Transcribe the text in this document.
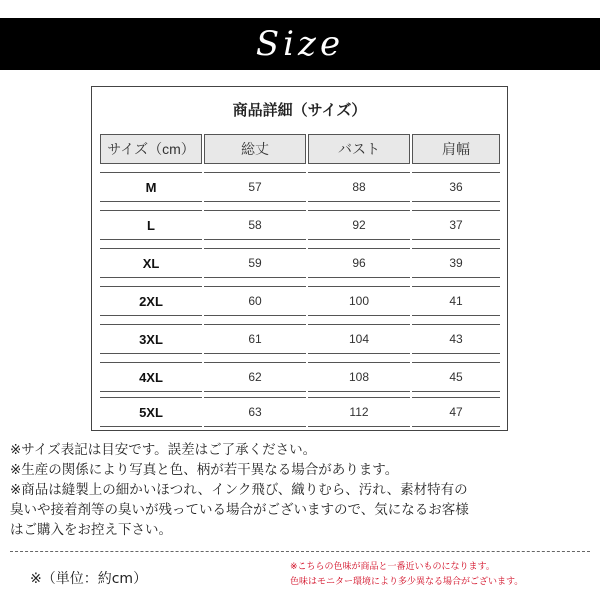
Size
商品詳細（サイズ）
サイズ（cm）	総丈	バスト	肩幅
M	57	88	36
L	58	92	37
XL	59	96	39
2XL	60	100	41
3XL	61	104	43
4XL	62	108	45
5XL	63	112	47

※サイズ表記は目安です。誤差はご了承ください。

※生産の関係により写真と色、柄が若干異なる場合があります。

※商品は縫製上の細かいほつれ、インク飛び、織りむら、汚れ、素材特有の

臭いや接着剤等の臭いが残っている場合がございますので、気になるお客様

はご購入をお控え下さい。

※（単位：約cm）

※こちらの色味が商品と一番近いものになります。

色味はモニター環境により多少異なる場合がございます。
